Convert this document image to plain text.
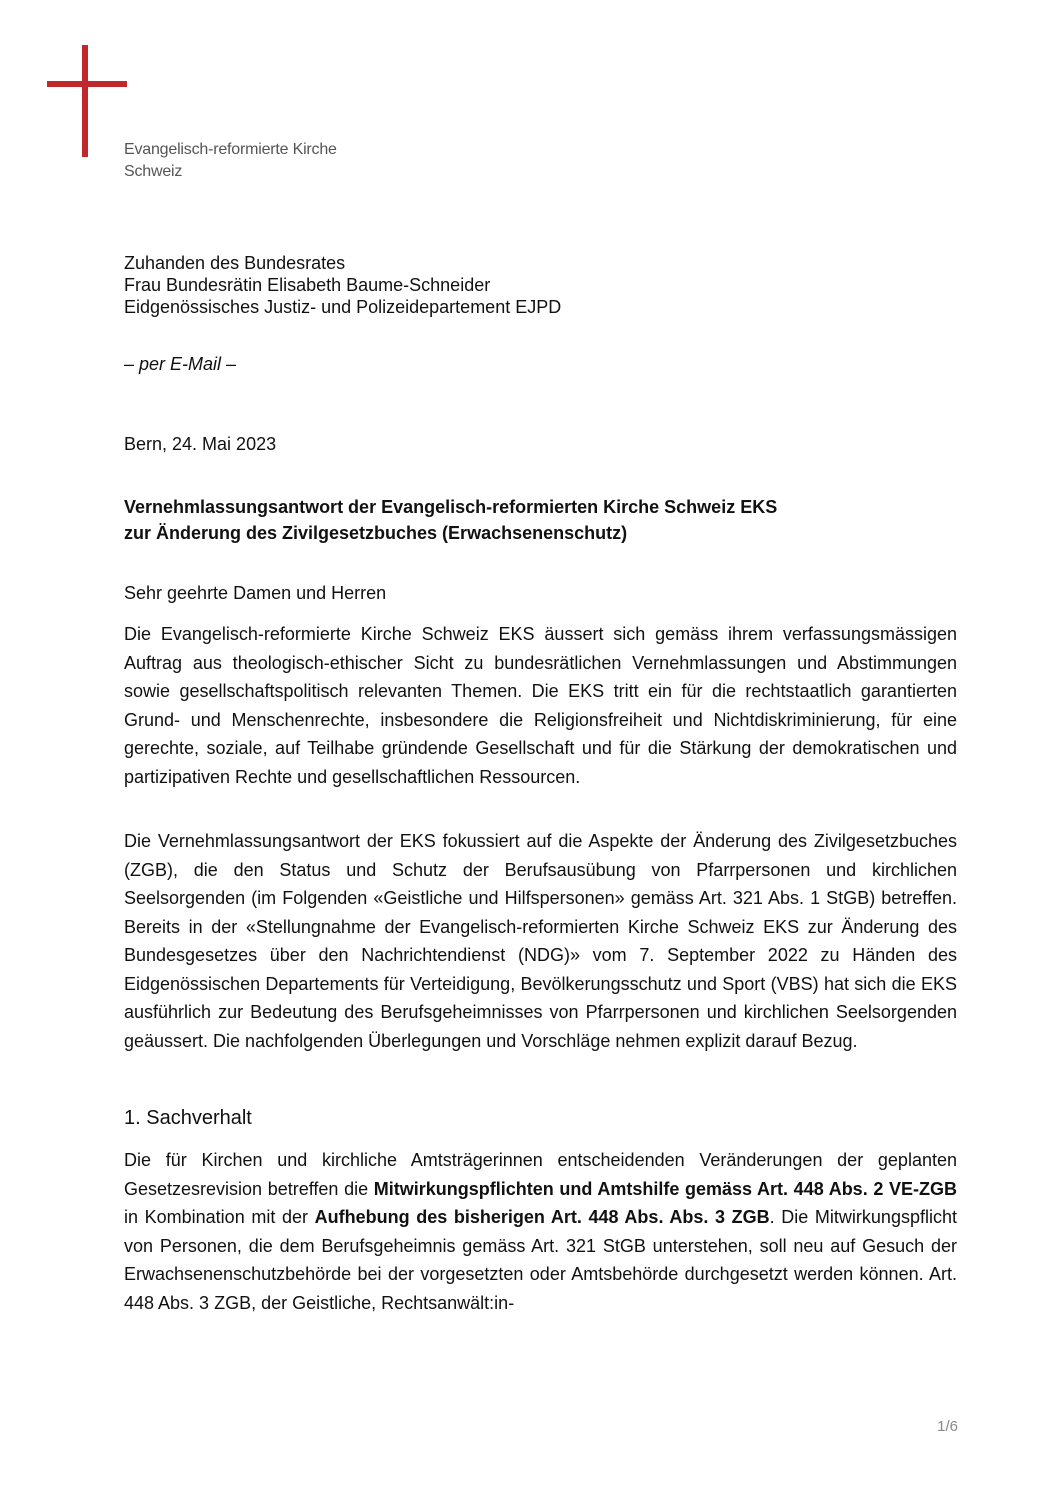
Evangelisch-reformierte Kirche
Schweiz
Zuhanden des Bundesrates
Frau Bundesrätin Elisabeth Baume-Schneider
Eidgenössisches Justiz- und Polizeidepartement EJPD
– per E-Mail –
Bern, 24. Mai 2023
Vernehmlassungsantwort der Evangelisch-reformierten Kirche Schweiz EKS
zur Änderung des Zivilgesetzbuches (Erwachsenenschutz)
Sehr geehrte Damen und Herren

Die Evangelisch-reformierte Kirche Schweiz EKS äussert sich gemäss ihrem verfassungsmässigen Auftrag aus theologisch-ethischer Sicht zu bundesrätlichen Vernehmlassungen und Abstimmungen sowie gesellschaftspolitisch relevanten Themen. Die EKS tritt ein für die rechtstaatlich garantierten Grund- und Menschenrechte, insbesondere die Religionsfreiheit und Nichtdiskriminierung, für eine gerechte, soziale, auf Teilhabe gründende Gesellschaft und für die Stärkung der demokratischen und partizipativen Rechte und gesellschaftlichen Ressourcen.

Die Vernehmlassungsantwort der EKS fokussiert auf die Aspekte der Änderung des Zivilgesetzbuches (ZGB), die den Status und Schutz der Berufsausübung von Pfarrpersonen und kirchlichen Seelsorgenden (im Folgenden «Geistliche und Hilfspersonen» gemäss Art. 321 Abs. 1 StGB) betreffen. Bereits in der «Stellungnahme der Evangelisch-reformierten Kirche Schweiz EKS zur Änderung des Bundesgesetzes über den Nachrichtendienst (NDG)» vom 7. September 2022 zu Händen des Eidgenössischen Departements für Verteidigung, Bevölkerungsschutz und Sport (VBS) hat sich die EKS ausführlich zur Bedeutung des Berufsgeheimnisses von Pfarrpersonen und kirchlichen Seelsorgenden geäussert. Die nachfolgenden Überlegungen und Vorschläge nehmen explizit darauf Bezug.

1. Sachverhalt

Die für Kirchen und kirchliche Amtsträgerinnen entscheidenden Veränderungen der geplanten Gesetzesrevision betreffen die Mitwirkungspflichten und Amtshilfe gemäss Art. 448 Abs. 2 VE-ZGB in Kombination mit der Aufhebung des bisherigen Art. 448 Abs. Abs. 3 ZGB. Die Mitwirkungspflicht von Personen, die dem Berufsgeheimnis gemäss Art. 321 StGB unterstehen, soll neu auf Gesuch der Erwachsenenschutzbehörde bei der vorgesetzten oder Amtsbehörde durchgesetzt werden können. Art. 448 Abs. 3 ZGB, der Geistliche, Rechtsanwält:in-

1/6
